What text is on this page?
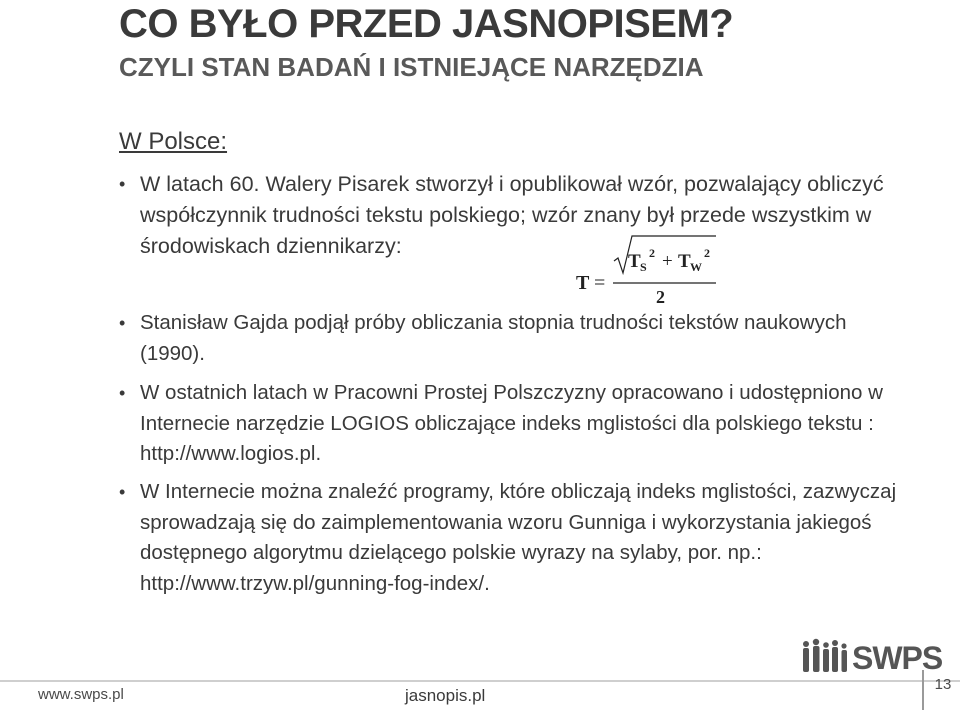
CO BYŁO PRZED JASNOPISEM?
CZYLI STAN BADAŃ I ISTNIEJĄCE NARZĘDZIA
W Polsce:
• W latach 60. Walery Pisarek stworzył i opublikował wzór, pozwalający obliczyć współczynnik trudności tekstu polskiego; wzór znany był przede wszystkim w środowiskach dziennikarzy:
T =
T S
2 + T W
2
2
• Stanisław Gajda podjął próby obliczania stopnia trudności tekstów naukowych (1990).
• W ostatnich latach w Pracowni Prostej Polszczyzny opracowano i udostępniono w Internecie narzędzie LOGIOS obliczające indeks mglistości dla polskiego tekstu : http://www.logios.pl.
• W Internecie można znaleźć programy, które obliczają indeks mglistości, zazwyczaj sprowadzają się do zaimplementowania wzoru Gunniga i wykorzystania jakiegoś dostępnego algorytmu dzielącego polskie wyrazy na sylaby, por. np.: http://www.trzyw.pl/gunning-fog-index/.
SWPS
www.swps.pl	jasnopis.pl
13
